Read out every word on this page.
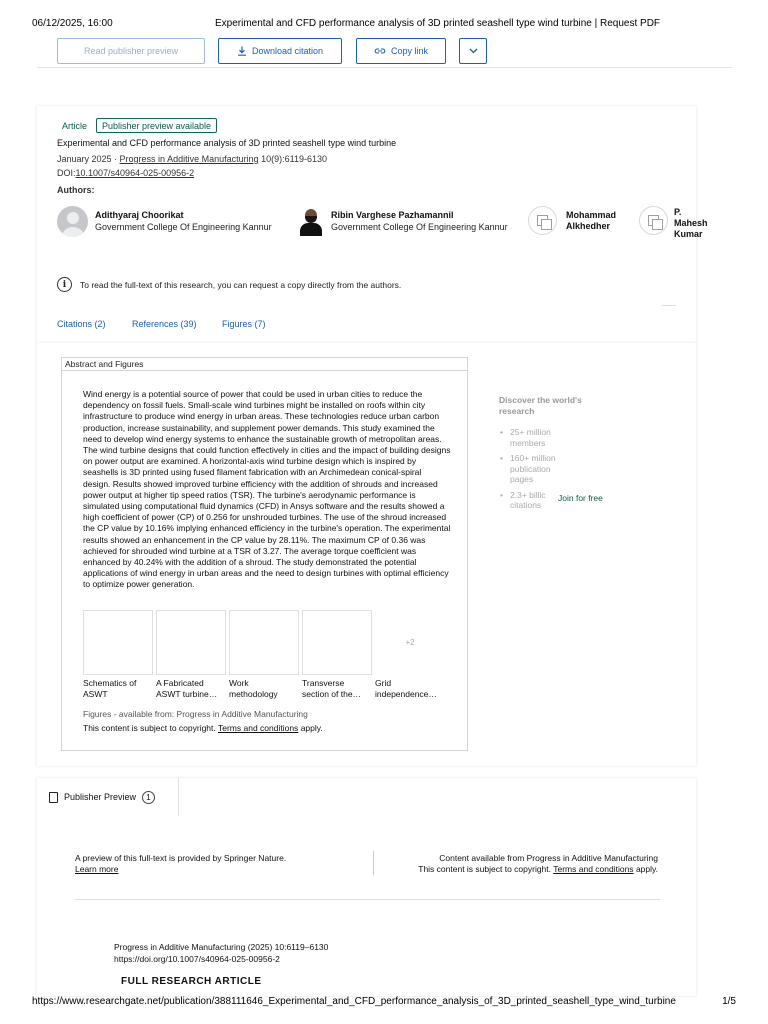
06/12/2025, 16:00	Experimental and CFD performance analysis of 3D printed seashell type wind turbine | Request PDF
Read publisher preview	Download citation	Copy link
Article	Publisher preview available
Experimental and CFD performance analysis of 3D printed seashell type wind turbine
January 2025 · Progress in Additive Manufacturing 10(9):6119-6130
DOI:10.1007/s40964-025-00956-2
Authors:
Adithyaraj Choorikat
Government College Of Engineering Kannur
Ribin Varghese Pazhamannil
Government College Of Engineering Kannur
Mohammad
Alkhedher
P.
Mahesh
Kumar
i	To read the full-text of this research, you can request a copy directly from the authors.
Citations (2)	References (39)	Figures (7)
Abstract and Figures
Wind energy is a potential source of power that could be used in urban cities to reduce the dependency on fossil fuels. Small-scale wind turbines might be installed on roofs within city infrastructure to produce wind energy in urban areas. These technologies reduce urban carbon production, increase sustainability, and supplement power demands. This study examined the need to develop wind energy systems to enhance the sustainable growth of metropolitan areas. The wind turbine designs that could function effectively in cities and the impact of building designs on power output are examined. A horizontal-axis wind turbine design which is inspired by seashells is 3D printed using fused filament fabrication with an Archimedean conical-spiral design. Results showed improved turbine efficiency with the addition of shrouds and increased power output at higher tip speed ratios (TSR). The turbine's aerodynamic performance is simulated using computational fluid dynamics (CFD) in Ansys software and the results showed a high coefficient of power (CP) of 0.256 for unshrouded turbines. The use of the shroud increased the CP value by 10.16% implying enhanced efficiency in the turbine's operation. The experimental results showed an enhancement in the CP value by 28.11%. The maximum CP of 0.36 was achieved for shrouded wind turbine at a TSR of 3.27. The average torque coefficient was enhanced by 40.24% with the addition of a shroud. The study demonstrated the potential applications of wind energy in urban areas and the need to design turbines with optimal efficiency to optimize power generation.
+2
Schematics of ASWT
A Fabricated ASWT turbine…
Work methodology
Transverse section of the…
Grid independence…
Figures - available from: Progress in Additive Manufacturing
This content is subject to copyright. Terms and conditions apply.
Discover the world's research
• 25+ million members
• 160+ million publication pages
• 2.3+ billic citations
Join for free
Publisher Preview	1
A preview of this full-text is provided by Springer Nature.
Learn more
Content available from Progress in Additive Manufacturing
This content is subject to copyright. Terms and conditions apply.
Progress in Additive Manufacturing (2025) 10:6119–6130
https://doi.org/10.1007/s40964-025-00956-2
FULL RESEARCH ARTICLE
https://www.researchgate.net/publication/388111646_Experimental_and_CFD_performance_analysis_of_3D_printed_seashell_type_wind_turbine	1/5
